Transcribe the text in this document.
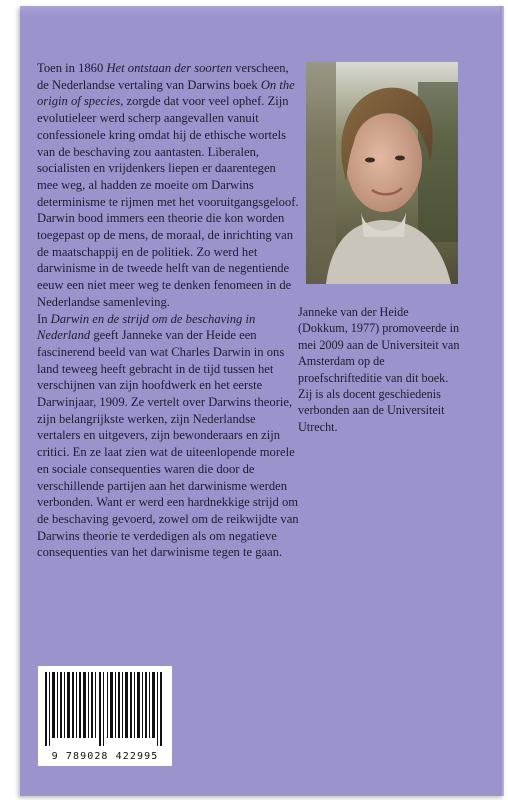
Toen in 1860 Het ontstaan der soorten verscheen, de Nederlandse vertaling van Darwins boek On the origin of species, zorgde dat voor veel ophef. Zijn evolutieleer werd scherp aangevallen vanuit confessionele kring omdat hij de ethische wortels van de beschaving zou aantasten. Liberalen, socialisten en vrijdenkers liepen er daarentegen mee weg, al hadden ze moeite om Darwins determinisme te rijmen met het vooruitgangsgeloof. Darwin bood immers een theorie die kon worden toegepast op de mens, de moraal, de inrichting van de maatschappij en de politiek. Zo werd het darwinisme in de tweede helft van de negentiende eeuw een niet meer weg te denken fenomeen in de Nederlandse samenleving.

In Darwin en de strijd om de beschaving in Nederland geeft Janneke van der Heide een fascinerend beeld van wat Charles Darwin in ons land teweeg heeft gebracht in de tijd tussen het verschijnen van zijn hoofdwerk en het eerste Darwinjaar, 1909. Ze vertelt over Darwins theorie, zijn belangrijkste werken, zijn Nederlandse vertalers en uitgevers, zijn bewonderaars en zijn critici. En ze laat zien wat de uiteenlopende morele en sociale consequenties waren die door de verschillende partijen aan het darwinisme werden verbonden. Want er werd een hardnekkige strijd om de beschaving gevoerd, zowel om de reikwijdte van Darwins theorie te verdedigen als om negatieve consequenties van het darwinisme tegen te gaan.

Janneke van der Heide (Dokkum, 1977) promoveerde in mei 2009 aan de Universiteit van Amsterdam op de proefschrifteditie van dit boek. Zij is als docent geschiedenis verbonden aan de Universiteit Utrecht.
9 789028 422995
